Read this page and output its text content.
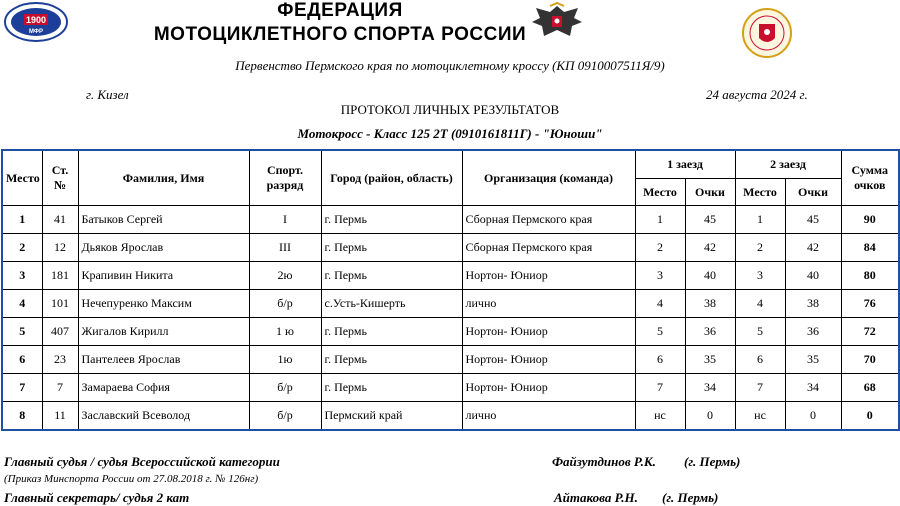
1900
МФР
ФЕДЕРАЦИЯ
МОТОЦИКЛЕТНОГО СПОРТА РОССИИ
Первенство Пермского края по мотоциклетному кроссу (КП 0910007511Я/9)
г. Кизел	24 августа 2024 г.
ПРОТОКОЛ ЛИЧНЫХ РЕЗУЛЬТАТОВ
Мотокросс - Класс 125 2Т (0910161811Г) - "Юноши"
Место	Ст. №	Фамилия, Имя	Спорт. разряд	Город (район, область)	Организация (команда)	1 заезд		2 заезд		Сумма очков
						Место	Очки	Место	Очки	
1	41	Батыков Сергей	I	г. Пермь	Сборная Пермского края	1	45	1	45	90
2	12	Дьяков Ярослав	III	г. Пермь	Сборная Пермского края	2	42	2	42	84
3	181	Крапивин Никита	2ю	г. Пермь	Нортон- Юниор	3	40	3	40	80
4	101	Нечепуренко Максим	б/р	с.Усть-Кишерть	лично	4	38	4	38	76
5	407	Жигалов Кирилл	1 ю	г. Пермь	Нортон- Юниор	5	36	5	36	72
6	23	Пантелеев Ярослав	1ю	г. Пермь	Нортон- Юниор	6	35	6	35	70
7	7	Замараева София	б/р	г. Пермь	Нортон- Юниор	7	34	7	34	68
8	11	Заславский Всеволод	б/р	Пермский край	лично	нс	0	нс	0	0
Главный судья / судья Всероссийской категории	Файзутдинов Р.К. (г. Пермь)
(Приказ Минспорта России от 27.08.2018 г. № 126нг)
Главный секретарь/ судья 2 кат	Айтакова Р.Н. (г. Пермь)
